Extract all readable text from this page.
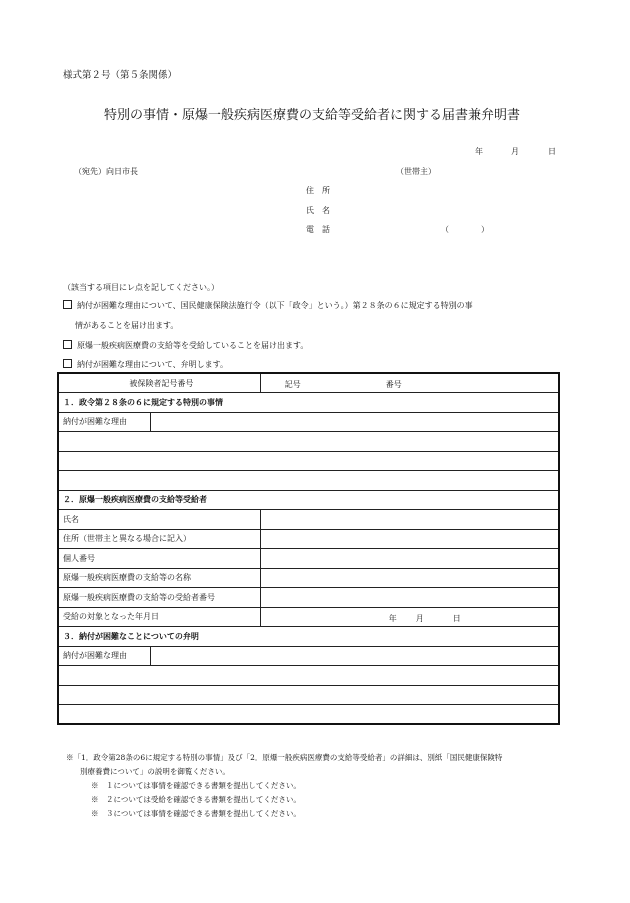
様式第２号（第５条関係）
特別の事情・原爆一般疾病医療費の支給等受給者に関する届書兼弁明書
年	月	日
（宛先）向日市長	（世帯主）
住　所
氏　名
電　話	（　　　　）
（該当する項目にレ点を記してください。）
納付が困難な理由について、国民健康保険法施行令（以下「政令」という。）第２８条の６に規定する特別の事
情があることを届け出ます。
原爆一般疾病医療費の支給等を受給していることを届け出ます。
納付が困難な理由について、弁明します。
被保険者記号番号		記号 番号

１．政令第２８条の６に規定する特別の事情		
納付が困難な理由		

２．原爆一般疾病医療費の支給等受給者		
氏名		
住所（世帯主と異なる場合に記入）		
個人番号		
原爆一般疾病医療費の支給等の名称		
原爆一般疾病医療費の支給等の受給者番号		
受給の対象となった年月日		年 月 日

３．納付が困難なことについての弁明		
納付が困難な理由		

※「1．政令第28条の6に規定する特別の事情」及び「2．原爆一般疾病医療費の支給等受給者」の詳細は、別紙「国民健康保険特
別療養費について」の説明を御覧ください。
※　１については事情を確認できる書類を提出してください。
※　２については受給を確認できる書類を提出してください。
※　３については事情を確認できる書類を提出してください。
